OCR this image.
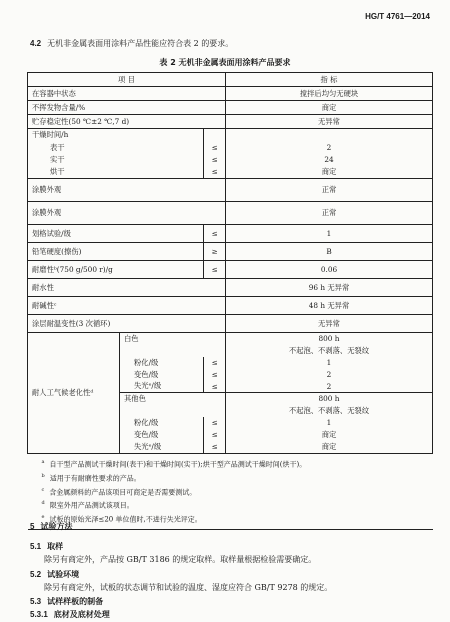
HG/T 4761—2014
4.2 无机非金属表面用涂料产品性能应符合表 2 的要求。
表 2 无机非金属表面用涂料产品要求
项 目			指 标
在容器中状态			搅拌后均匀无硬块
不挥发物含量/%			商定
贮存稳定性(50 ℃±2 ℃,7 d)			无异常
干燥时间/h			
表干		≤	2
实干		≤	24
烘干		≤	商定
涂膜外观			正常
涂膜外观			正常
划格试验/级		≤	1
铅笔硬度(擦伤)		≥	B
耐磨性ᵇ(750 g/500 r)/g		≤	0.06
耐水性			96 h 无异常
耐碱性ᶜ			48 h 无异常
涂层耐温变性(3 次循环)			无异常
耐人工气候老化性ᵈ	白色		800 h
			不起泡、不剥落、无裂纹
	粉化/级	≤	1
	变色/级	≤	2
	失光ᵉ/级	≤	2
	其他色		800 h
			不起泡、不剥落、无裂纹
	粉化/级	≤	1
	变色/级	≤	商定
	失光ᵉ/级	≤	商定

$^a$ 自干型产品测试干燥时间(表干)和干燥时间(实干);烘干型产品测试干燥时间(烘干)。
$^b$ 适用于有耐磨性要求的产品。
$^c$ 含金属颜料的产品该项目可商定是否需要测试。
$^d$ 限室外用产品测试该项目。
$^e$ 试板的原始光泽≤20 单位值时,不进行失光评定。			
5 试验方法
5.1 取样
除另有商定外，产品按 GB/T 3186 的规定取样。取样量根据检验需要确定。
5.2 试验环境
除另有商定外，试板的状态调节和试验的温度、湿度应符合 GB/T 9278 的规定。
5.3 试样样板的制备
5.3.1 底材及底材处理
